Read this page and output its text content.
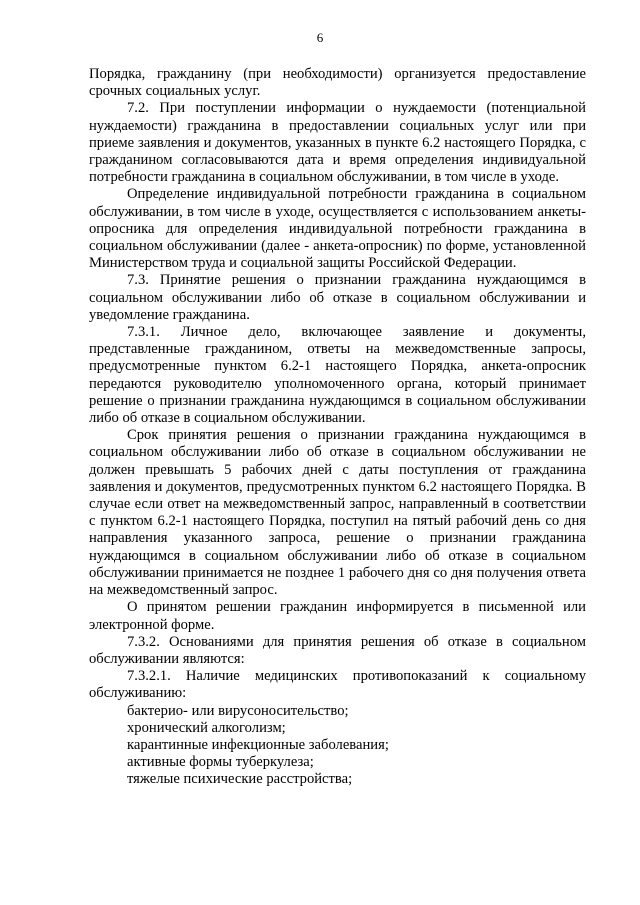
6

Порядка, гражданину (при необходимости) организуется предоставление срочных социальных услуг.

7.2. При поступлении информации о нуждаемости (потенциальной нуждаемости) гражданина в предоставлении социальных услуг или при приеме заявления и документов, указанных в пункте 6.2 настоящего Порядка, с гражданином согласовываются дата и время определения индивидуальной потребности гражданина в социальном обслуживании, в том числе в уходе.

Определение индивидуальной потребности гражданина в социальном обслуживании, в том числе в уходе, осуществляется с использованием анкеты-опросника для определения индивидуальной потребности гражданина в социальном обслуживании (далее - анкета-опросник) по форме, установленной Министерством труда и социальной защиты Российской Федерации.

7.3. Принятие решения о признании гражданина нуждающимся в социальном обслуживании либо об отказе в социальном обслуживании и уведомление гражданина.

7.3.1. Личное дело, включающее заявление и документы, представленные гражданином, ответы на межведомственные запросы, предусмотренные пунктом 6.2-1 настоящего Порядка, анкета-опросник передаются руководителю уполномоченного органа, который принимает решение о признании гражданина нуждающимся в социальном обслуживании либо об отказе в социальном обслуживании.

Срок принятия решения о признании гражданина нуждающимся в социальном обслуживании либо об отказе в социальном обслуживании не должен превышать 5 рабочих дней с даты поступления от гражданина заявления и документов, предусмотренных пунктом 6.2 настоящего Порядка. В случае если ответ на межведомственный запрос, направленный в соответствии с пунктом 6.2-1 настоящего Порядка, поступил на пятый рабочий день со дня направления указанного запроса, решение о признании гражданина нуждающимся в социальном обслуживании либо об отказе в социальном обслуживании принимается не позднее 1 рабочего дня со дня получения ответа на межведомственный запрос.

О принятом решении гражданин информируется в письменной или электронной форме.

7.3.2. Основаниями для принятия решения об отказе в социальном обслуживании являются:

7.3.2.1. Наличие медицинских противопоказаний к социальному обслуживанию:

бактерио- или вирусоносительство;

хронический алкоголизм;

карантинные инфекционные заболевания;

активные формы туберкулеза;

тяжелые психические расстройства;
